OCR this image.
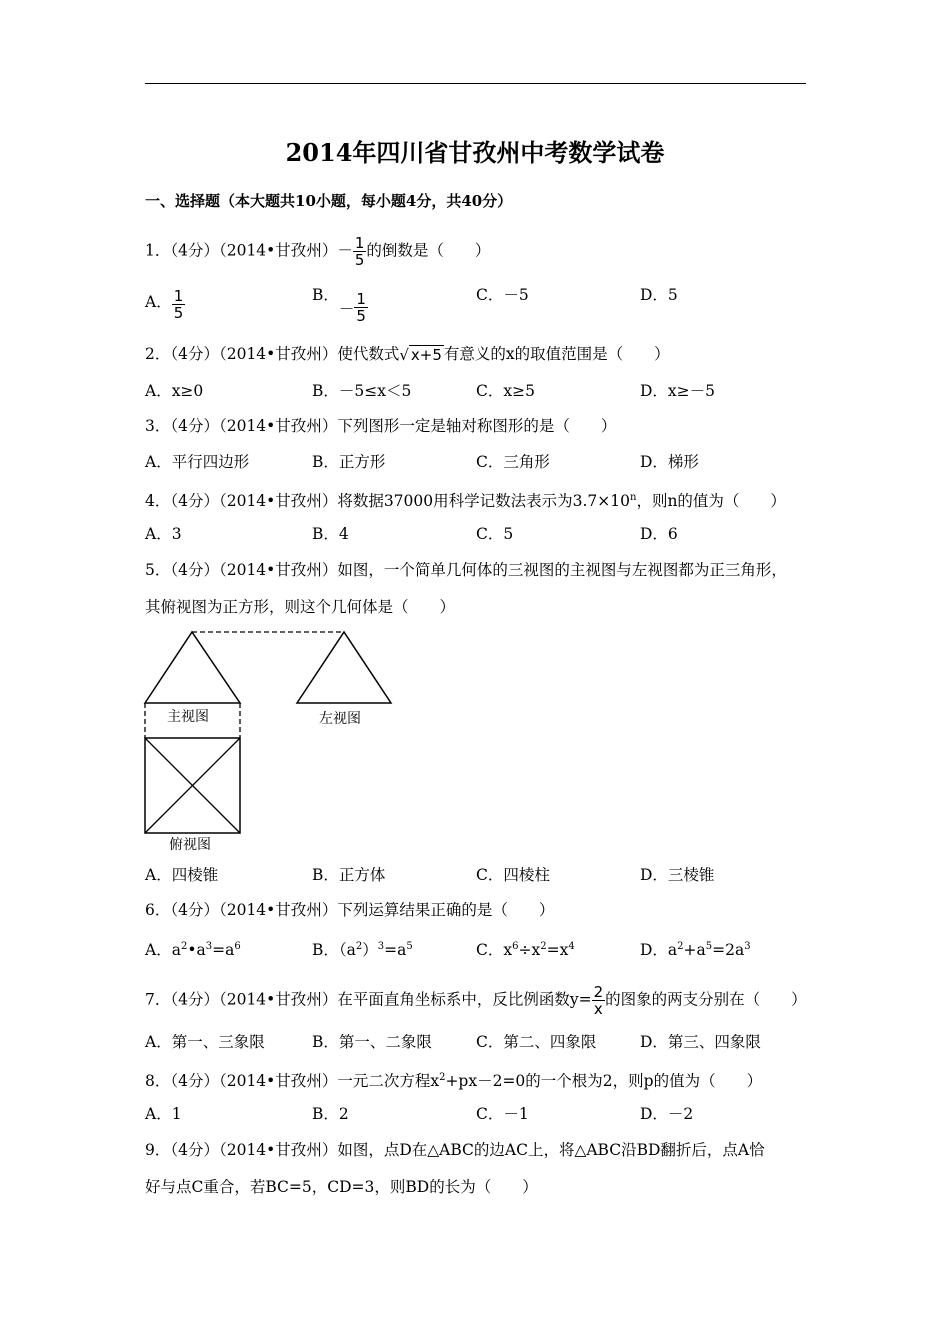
2014年四川省甘孜州中考数学试卷
一、选择题（本大题共10小题，每小题4分，共40分）
1．（4分）（2014•甘孜州）－ $\frac{1}{5}$ 的倒数是（　　）
A． $\frac{1}{5}$	B．－ $\frac{1}{5}$	C．－5	D．5
2．（4分）（2014•甘孜州）使代数式√ x+5 有意义的x的取值范围是（　　）
A．x≥0	B．－5≤x＜5	C．x≥5	D．x≥－5
3．（4分）（2014•甘孜州）下列图形一定是轴对称图形的是（　　）
A．平行四边形	B．正方形	C．三角形	D．梯形
4．（4分）（2014•甘孜州）将数据37000用科学记数法表示为$3.7\times 10^n$，则n的值为（　　）
A．3	B．4	C．5	D．6
5．（4分）（2014•甘孜州）如图，一个简单几何体的三视图的主视图与左视图都为正三角形，
其俯视图为正方形，则这个几何体是（　　）
主视图	左视图
俯视图
A．四棱锥	B．正方体	C．四棱柱	D．三棱锥
6．（4分）（2014•甘孜州）下列运算结果正确的是（　　）
A．$a^2•a^3=a^6$	B．$(a^2)^3=a^5$	C．$x^6\div x^2=x^4$	D．$a^2+a^5=2a^3$
7．（4分）（2014•甘孜州）在平面直角坐标系中，反比例函数$y= \frac{2}{x}$ 的图象的两支分别在（　　）
A．第一、三象限	B．第一、二象限	C．第二、四象限	D．第三、四象限
8．（4分）（2014•甘孜州）一元二次方程$x^2+px-2=0$的一个根为2，则p的值为（　　）
A．1	B．2	C．－1	D．－2
9．（4分）（2014•甘孜州）如图，点D在△ABC的边AC上，将△ABC沿BD翻折后，点A恰
好与点C重合，若BC=5，CD=3，则BD的长为（　　）
